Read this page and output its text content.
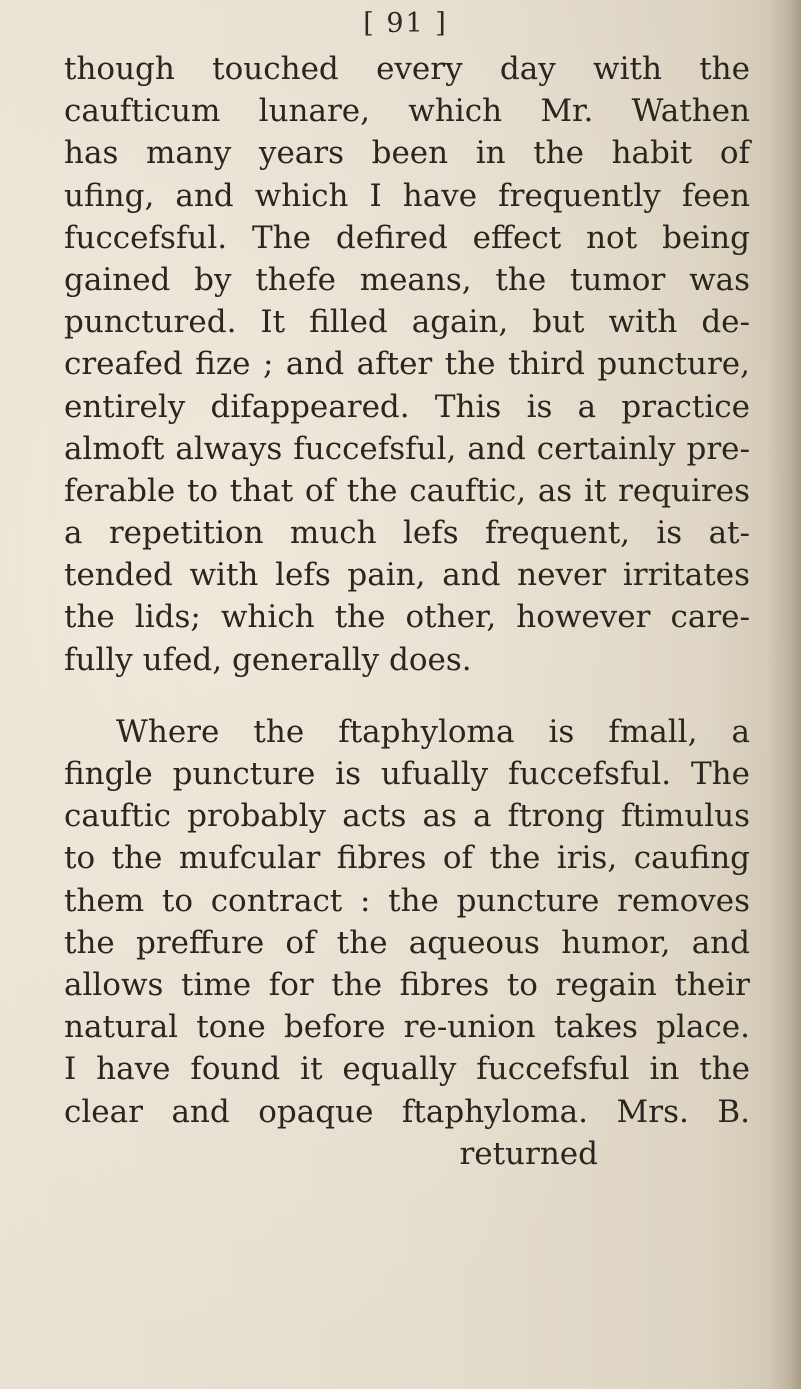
[ 91 ]
though touched every day with the
caufticum lunare, which Mr. Wathen
has many years been in the habit of
ufing, and which I have frequently feen
fuccefsful. The defired effect not being
gained by thefe means, the tumor was
punctured. It filled again, but with de-
creafed fize ; and after the third puncture,
entirely difappeared. This is a practice
almoft always fuccefsful, and certainly pre-
ferable to that of the cauftic, as it requires
a repetition much lefs frequent, is at-
tended with lefs pain, and never irritates
the lids; which the other, however care-
fully ufed, generally does.
Where the ftaphyloma is fmall, a
fingle puncture is ufually fuccefsful. The
cauftic probably acts as a ftrong ftimulus
to the mufcular fibres of the iris, caufing
them to contract : the puncture removes
the preffure of the aqueous humor, and
allows time for the fibres to regain their
natural tone before re-union takes place.
I have found it equally fuccefsful in the
clear and opaque ftaphyloma. Mrs. B.
returned
